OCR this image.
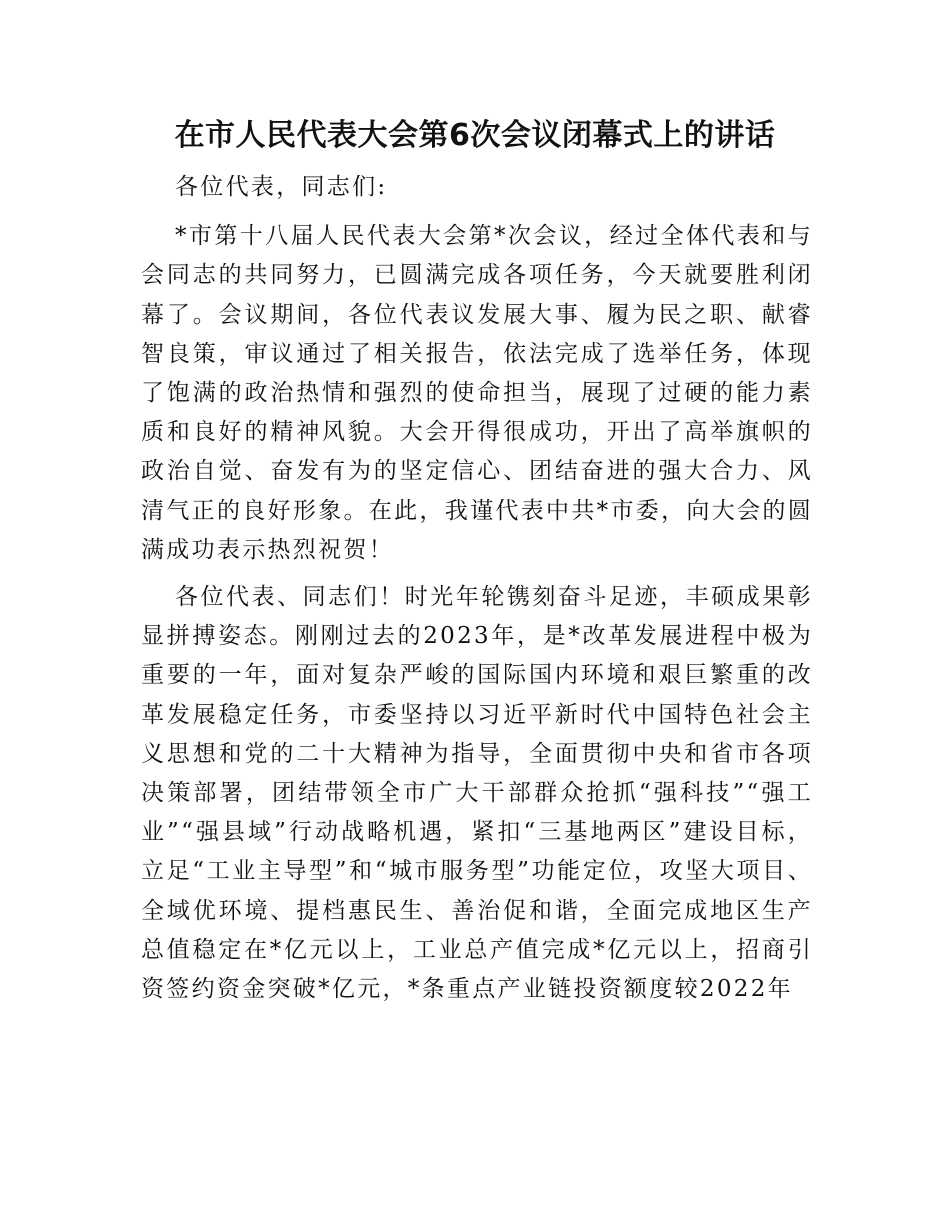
在市人民代表大会第6次会议闭幕式上的讲话

各位代表，同志们:

*市第十八届人民代表大会第*次会议，经过全体代表和与会同志的共同努力，已圆满完成各项任务，今天就要胜利闭幕了。会议期间，各位代表议发展大事、履为民之职、献睿智良策，审议通过了相关报告，依法完成了选举任务，体现了饱满的政治热情和强烈的使命担当，展现了过硬的能力素质和良好的精神风貌。大会开得很成功，开出了高举旗帜的政治自觉、奋发有为的坚定信心、团结奋进的强大合力、风清气正的良好形象。在此，我谨代表中共*市委，向大会的圆满成功表示热烈祝贺！

各位代表、同志们！时光年轮镌刻奋斗足迹，丰硕成果彰显拼搏姿态。刚刚过去的2023年，是*改革发展进程中极为重要的一年，面对复杂严峻的国际国内环境和艰巨繁重的改革发展稳定任务，市委坚持以习近平新时代中国特色社会主义思想和党的二十大精神为指导，全面贯彻中央和省市各项决策部署，团结带领全市广大干部群众抢抓“强科技”“强工业”“强县域”行动战略机遇，紧扣“三基地两区”建设目标，立足“工业主导型”和“城市服务型”功能定位，攻坚大项目、全域优环境、提档惠民生、善治促和谐，全面完成地区生产总值稳定在*亿元以上，工业总产值完成*亿元以上，招商引资签约资金突破*亿元，*条重点产业链投资额度较2022年
